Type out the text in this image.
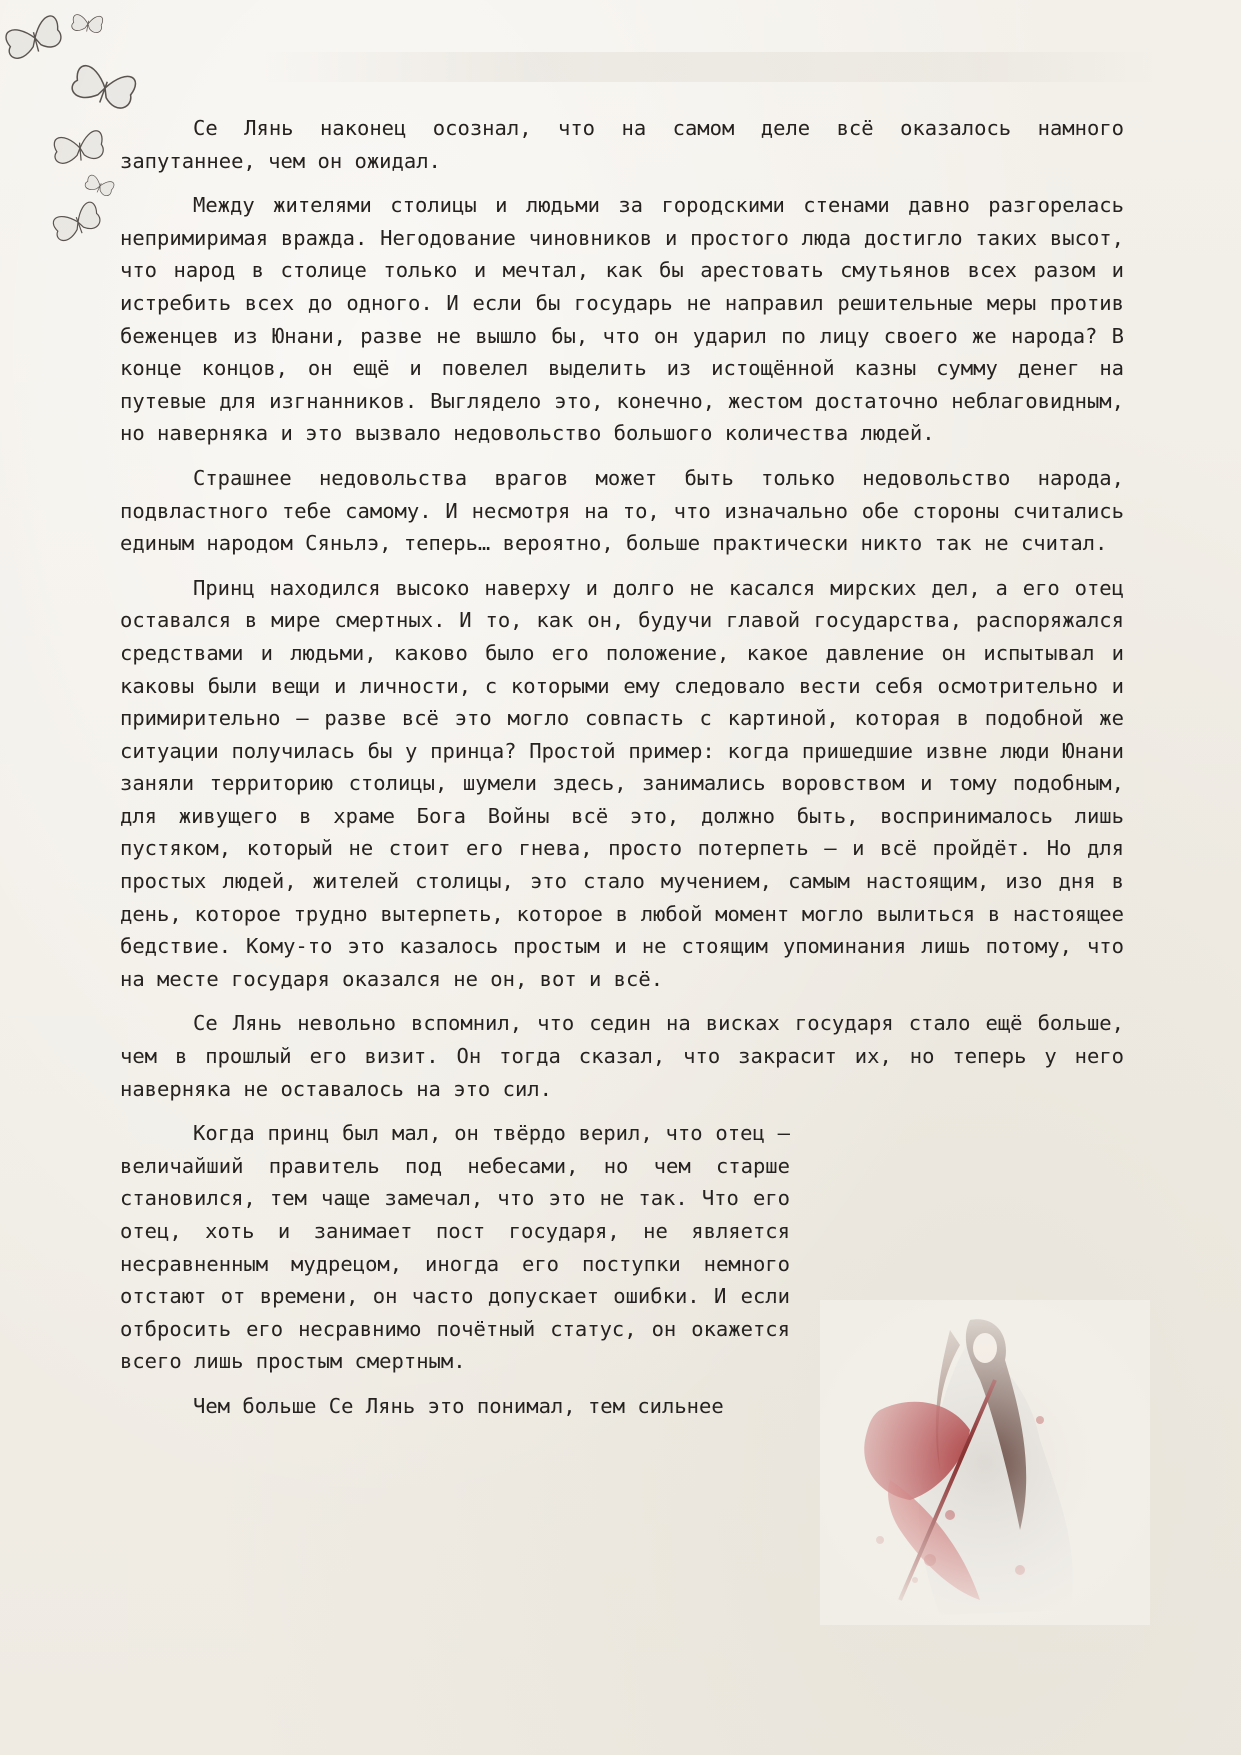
Се Лянь наконец осознал, что на самом деле всё оказалось намного запутаннее, чем он ожидал.

Между жителями столицы и людьми за городскими стенами давно разгорелась непримиримая вражда. Негодование чиновников и простого люда достигло таких высот, что народ в столице только и мечтал, как бы арестовать смутьянов всех разом и истребить всех до одного. И если бы государь не направил решительные меры против беженцев из Юнани, разве не вышло бы, что он ударил по лицу своего же народа? В конце концов, он ещё и повелел выделить из истощённой казны сумму денег на путевые для изгнанников. Выглядело это, конечно, жестом достаточно неблаговидным, но наверняка и это вызвало недовольство большого количества людей.

Страшнее недовольства врагов может быть только недовольство народа, подвластного тебе самому. И несмотря на то, что изначально обе стороны считались единым народом Сяньлэ, теперь… вероятно, больше практически никто так не считал.

Принц находился высоко наверху и долго не касался мирских дел, а его отец оставался в мире смертных. И то, как он, будучи главой государства, распоряжался средствами и людьми, каково было его положение, какое давление он испытывал и каковы были вещи и личности, с которыми ему следовало вести себя осмотрительно и примирительно — разве всё это могло совпасть с картиной, которая в подобной же ситуации получилась бы у принца? Простой пример: когда пришедшие извне люди Юнани заняли территорию столицы, шумели здесь, занимались воровством и тому подобным, для живущего в храме Бога Войны всё это, должно быть, воспринималось лишь пустяком, который не стоит его гнева, просто потерпеть — и всё пройдёт. Но для простых людей, жителей столицы, это стало мучением, самым настоящим, изо дня в день, которое трудно вытерпеть, которое в любой момент могло вылиться в настоящее бедствие. Кому-то это казалось простым и не стоящим упоминания лишь потому, что на месте государя оказался не он, вот и всё.

Се Лянь невольно вспомнил, что седин на висках государя стало ещё больше, чем в прошлый его визит. Он тогда сказал, что закрасит их, но теперь у него наверняка не оставалось на это сил.

Когда принц был мал, он твёрдо верил, что отец — величайший правитель под небесами, но чем старше становился, тем чаще замечал, что это не так. Что его отец, хоть и занимает пост государя, не является несравненным мудрецом, иногда его поступки немного отстают от времени, он часто допускает ошибки. И если отбросить его несравнимо почётный статус, он окажется всего лишь простым смертным.

Чем больше Се Лянь это понимал, тем сильнее
